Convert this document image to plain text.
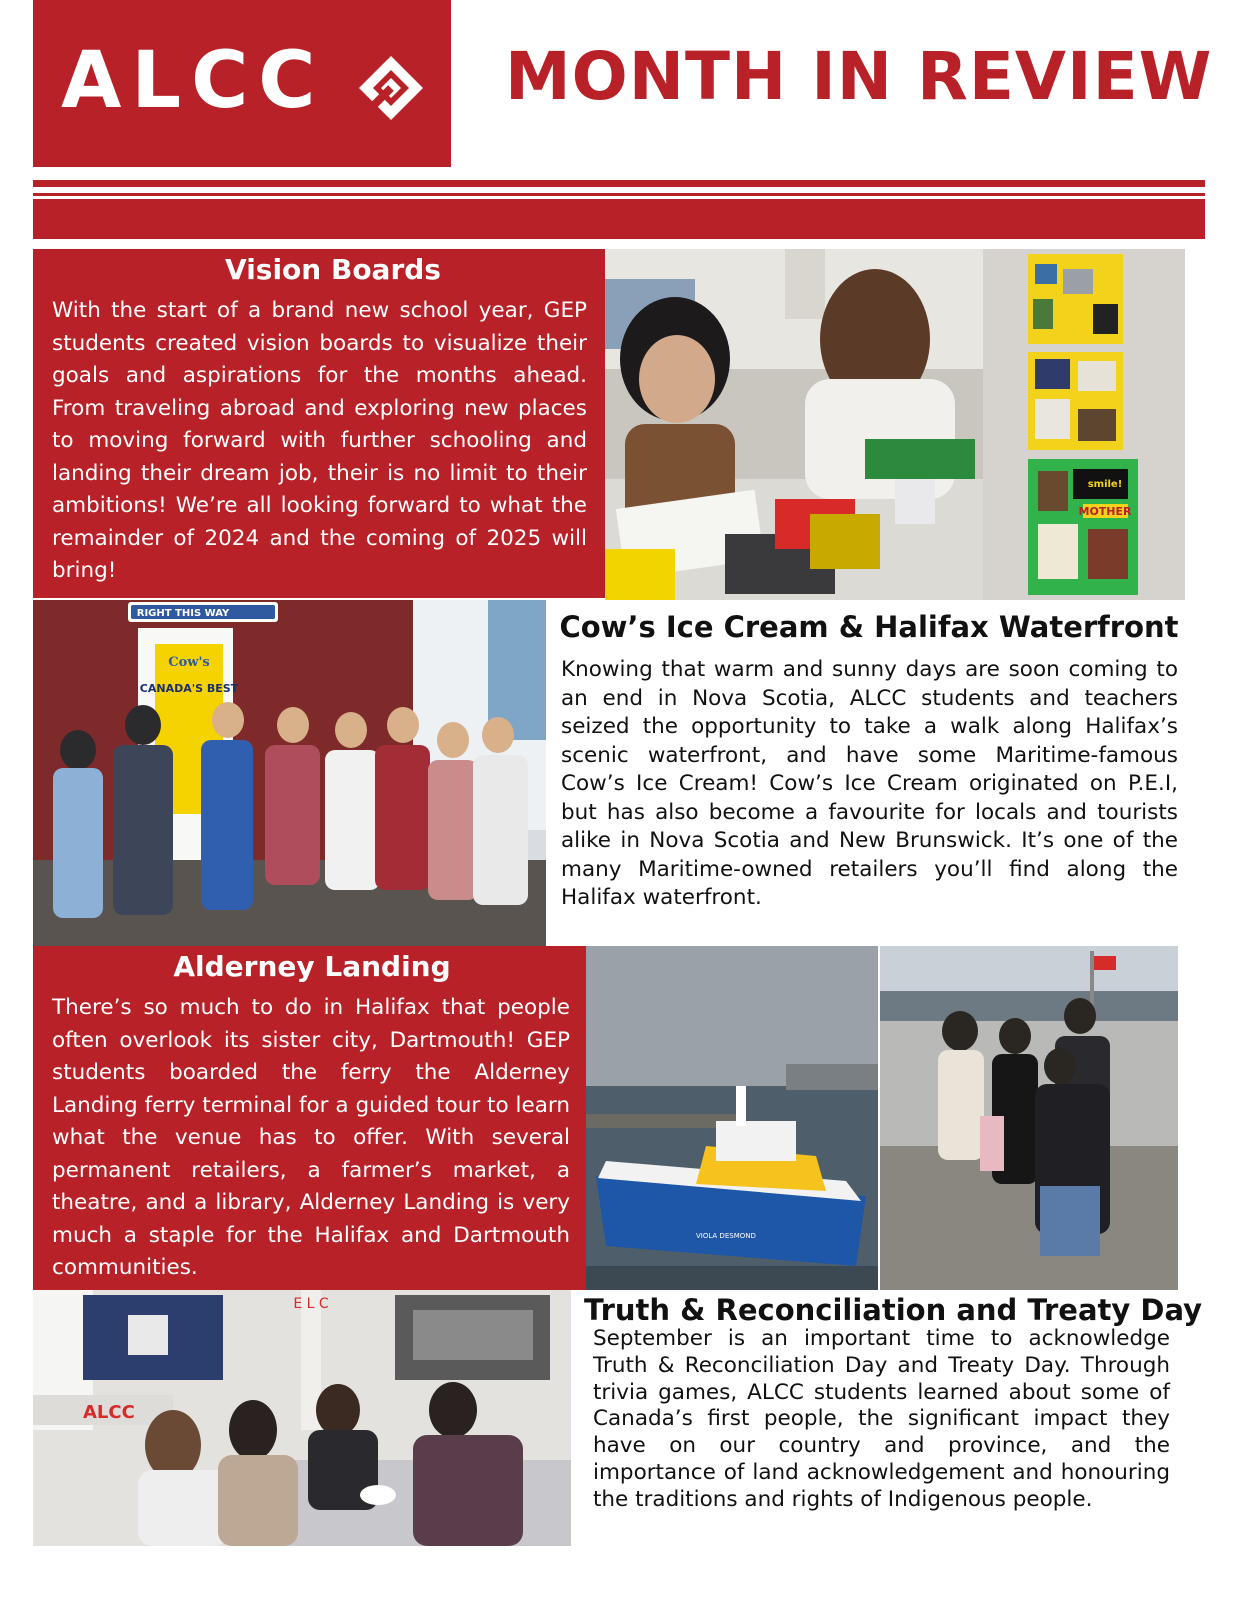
ALCC	MONTH IN REVIEW
Vision Boards
With the start of a brand new school year, GEP students created vision boards to visualize their goals and aspirations for the months ahead. From traveling abroad and exploring new places to moving forward with further schooling and landing their dream job, their is no limit to their ambitions! We’re all looking forward to what the remainder of 2024 and the coming of 2025 will bring!
MOTHER
smile!
RIGHT THIS WAY
Cow's
CANADA'S BEST
Cow’s Ice Cream & Halifax Waterfront
Knowing that warm and sunny days are soon coming to an end in Nova Scotia, ALCC students and teachers seized the opportunity to take a walk along Halifax’s scenic waterfront, and have some Maritime-famous Cow’s Ice Cream! Cow’s Ice Cream originated on P.E.I, but has also become a favourite for locals and tourists alike in Nova Scotia and New Brunswick. It’s one of the many Maritime-owned retailers you’ll find along the Halifax waterfront.
Alderney Landing
There’s so much to do in Halifax that people often overlook its sister city, Dartmouth! GEP students boarded the ferry the Alderney Landing ferry terminal for a guided tour to learn what the venue has to offer. With several permanent retailers, a farmer’s market, a theatre, and a library, Alderney Landing is very much a staple for the Halifax and Dartmouth communities.
TRANSIT
VIOLA DESMOND
ALCC
E L C	Truth & Reconciliation and Treaty Day
September is an important time to acknowledge Truth & Reconciliation Day and Treaty Day. Through trivia games, ALCC students learned about some of Canada’s first people, the significant impact they have on our country and province, and the importance of land acknowledgement and honouring the traditions and rights of Indigenous people.
